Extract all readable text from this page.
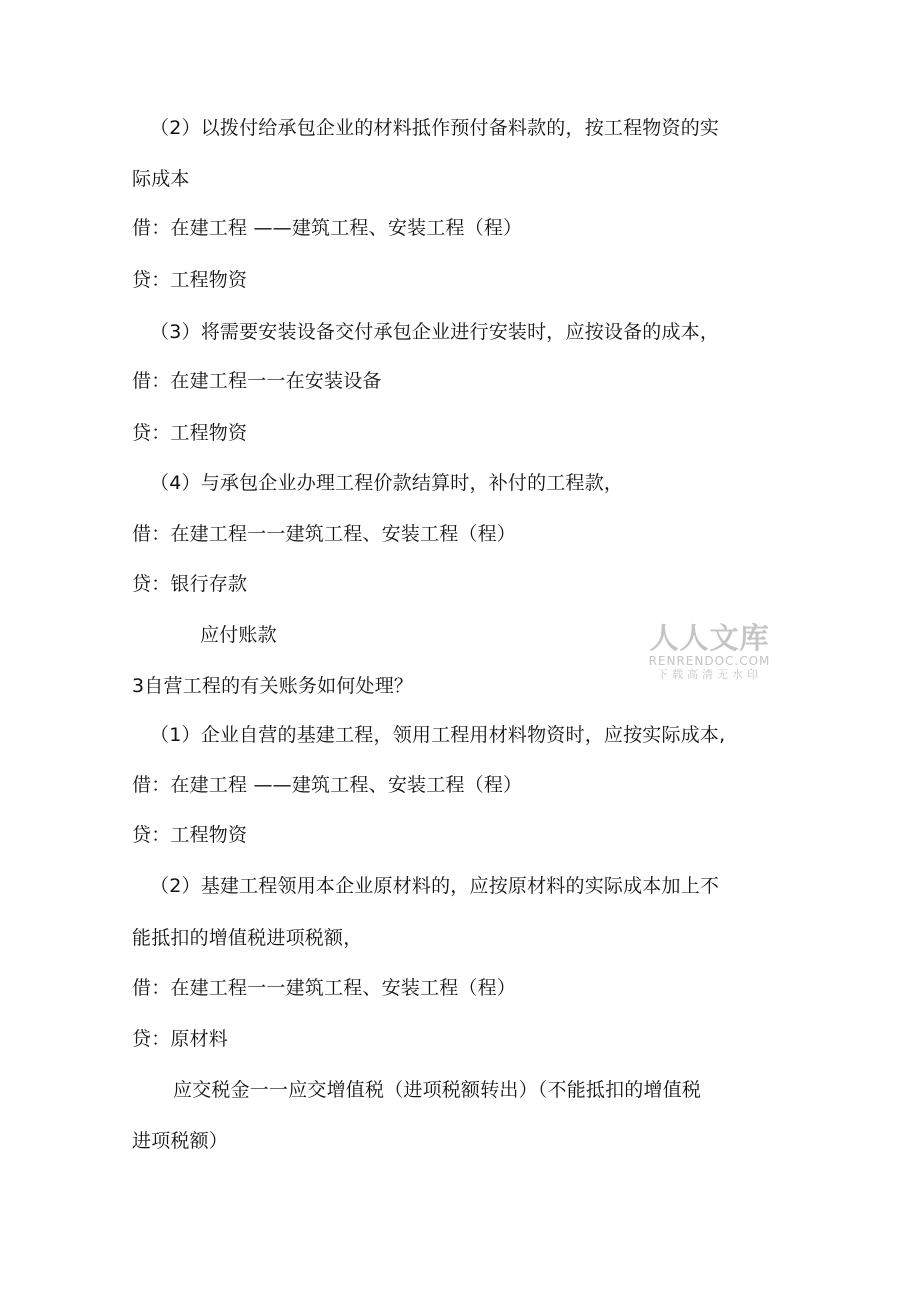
（2）以拨付给承包企业的材料抵作预付备料款的，按工程物资的实
际成本
借：在建工程 ——建筑工程、安装工程（程）
贷：工程物资
（3）将需要安装设备交付承包企业进行安装时，应按设备的成本，
借：在建工程一一在安装设备
贷：工程物资
（4）与承包企业办理工程价款结算时，补付的工程款，
借：在建工程一一建筑工程、安装工程（程）
贷：银行存款
应付账款
3自营工程的有关账务如何处理？
（1）企业自营的基建工程，领用工程用材料物资时，应按实际成本,
借：在建工程 ——建筑工程、安装工程（程）
贷：工程物资
（2）基建工程领用本企业原材料的，应按原材料的实际成本加上不
能抵扣的增值税进项税额，
借：在建工程一一建筑工程、安装工程（程）
贷：原材料
应交税金一一应交增值税（进项税额转出）（不能抵扣的增值税
进项税额）
人人文库
RENRENDOC.COM
下载高清无水印
